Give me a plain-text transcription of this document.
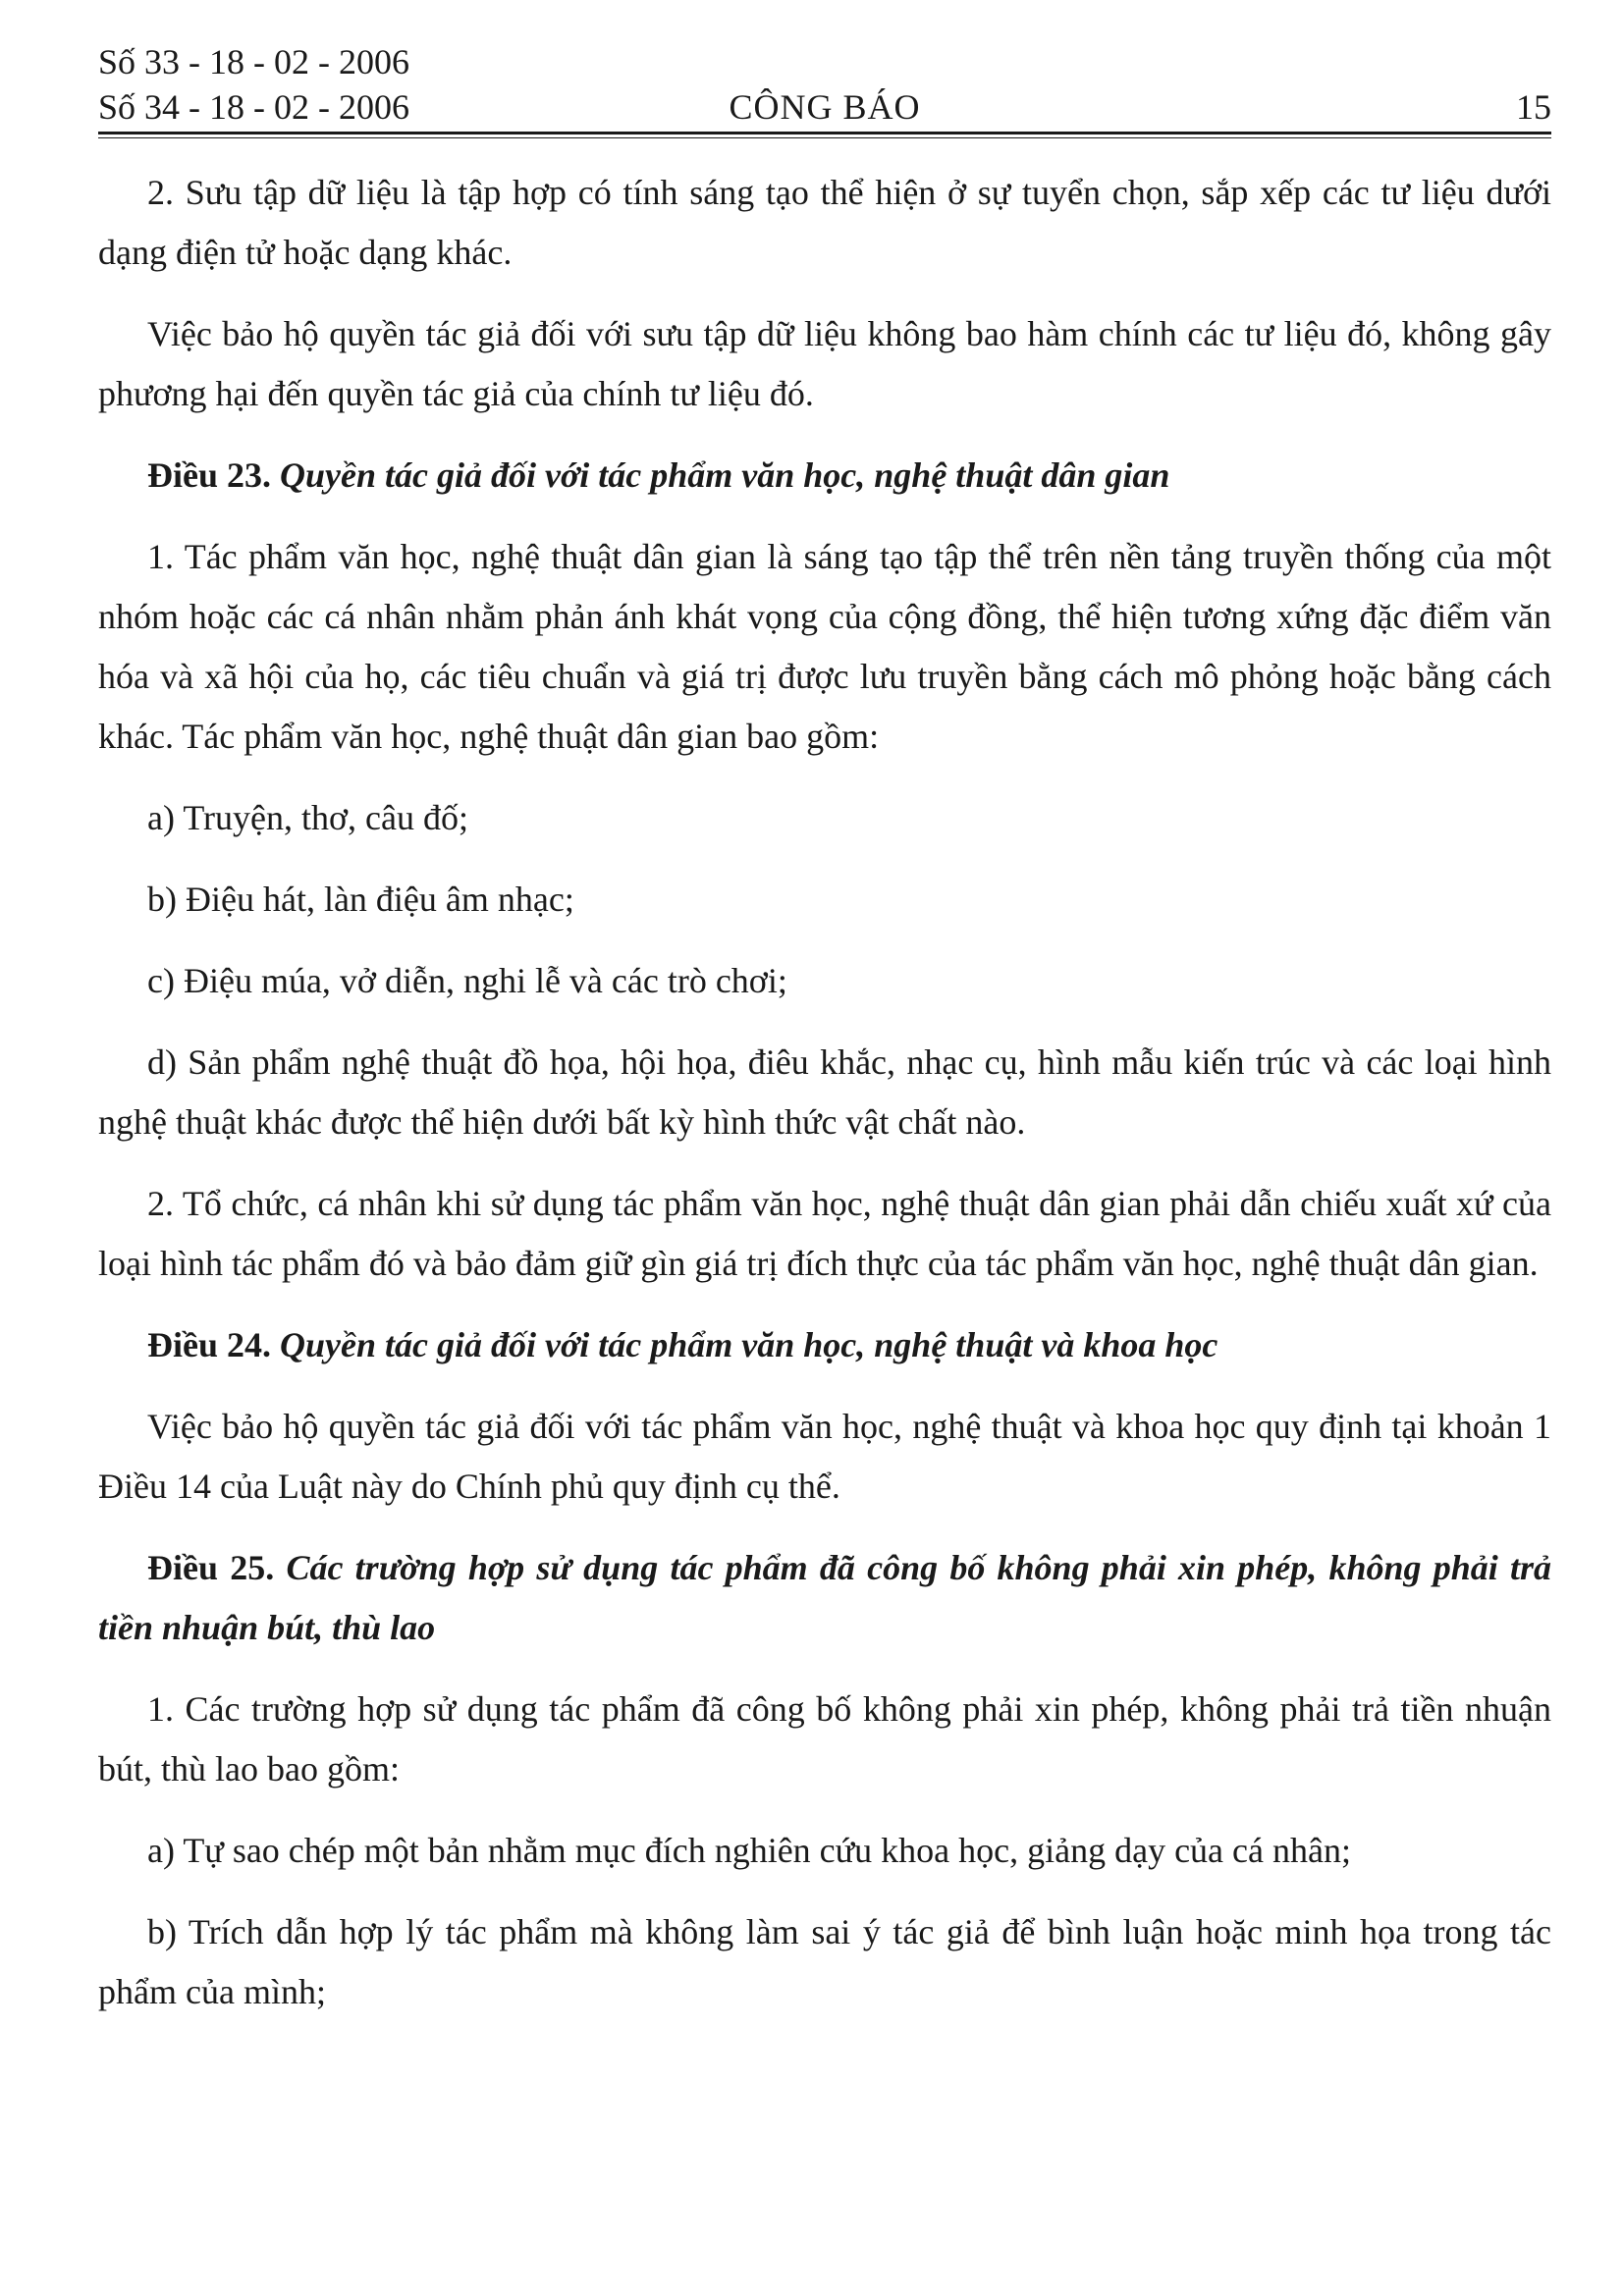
Số 33 - 18 - 02 - 2006
Số 34 - 18 - 02 - 2006	CÔNG BÁO	15

2. Sưu tập dữ liệu là tập hợp có tính sáng tạo thể hiện ở sự tuyển chọn, sắp xếp các tư liệu dưới dạng điện tử hoặc dạng khác.

Việc bảo hộ quyền tác giả đối với sưu tập dữ liệu không bao hàm chính các tư liệu đó, không gây phương hại đến quyền tác giả của chính tư liệu đó.

Điều 23. Quyền tác giả đối với tác phẩm văn học, nghệ thuật dân gian

1. Tác phẩm văn học, nghệ thuật dân gian là sáng tạo tập thể trên nền tảng truyền thống của một nhóm hoặc các cá nhân nhằm phản ánh khát vọng của cộng đồng, thể hiện tương xứng đặc điểm văn hóa và xã hội của họ, các tiêu chuẩn và giá trị được lưu truyền bằng cách mô phỏng hoặc bằng cách khác. Tác phẩm văn học, nghệ thuật dân gian bao gồm:

a) Truyện, thơ, câu đố;

b) Điệu hát, làn điệu âm nhạc;

c) Điệu múa, vở diễn, nghi lễ và các trò chơi;

d) Sản phẩm nghệ thuật đồ họa, hội họa, điêu khắc, nhạc cụ, hình mẫu kiến trúc và các loại hình nghệ thuật khác được thể hiện dưới bất kỳ hình thức vật chất nào.

2. Tổ chức, cá nhân khi sử dụng tác phẩm văn học, nghệ thuật dân gian phải dẫn chiếu xuất xứ của loại hình tác phẩm đó và bảo đảm giữ gìn giá trị đích thực của tác phẩm văn học, nghệ thuật dân gian.

Điều 24. Quyền tác giả đối với tác phẩm văn học, nghệ thuật và khoa học

Việc bảo hộ quyền tác giả đối với tác phẩm văn học, nghệ thuật và khoa học quy định tại khoản 1 Điều 14 của Luật này do Chính phủ quy định cụ thể.

Điều 25. Các trường hợp sử dụng tác phẩm đã công bố không phải xin phép, không phải trả tiền nhuận bút, thù lao

1. Các trường hợp sử dụng tác phẩm đã công bố không phải xin phép, không phải trả tiền nhuận bút, thù lao bao gồm:

a) Tự sao chép một bản nhằm mục đích nghiên cứu khoa học, giảng dạy của cá nhân;

b) Trích dẫn hợp lý tác phẩm mà không làm sai ý tác giả để bình luận hoặc minh họa trong tác phẩm của mình;
